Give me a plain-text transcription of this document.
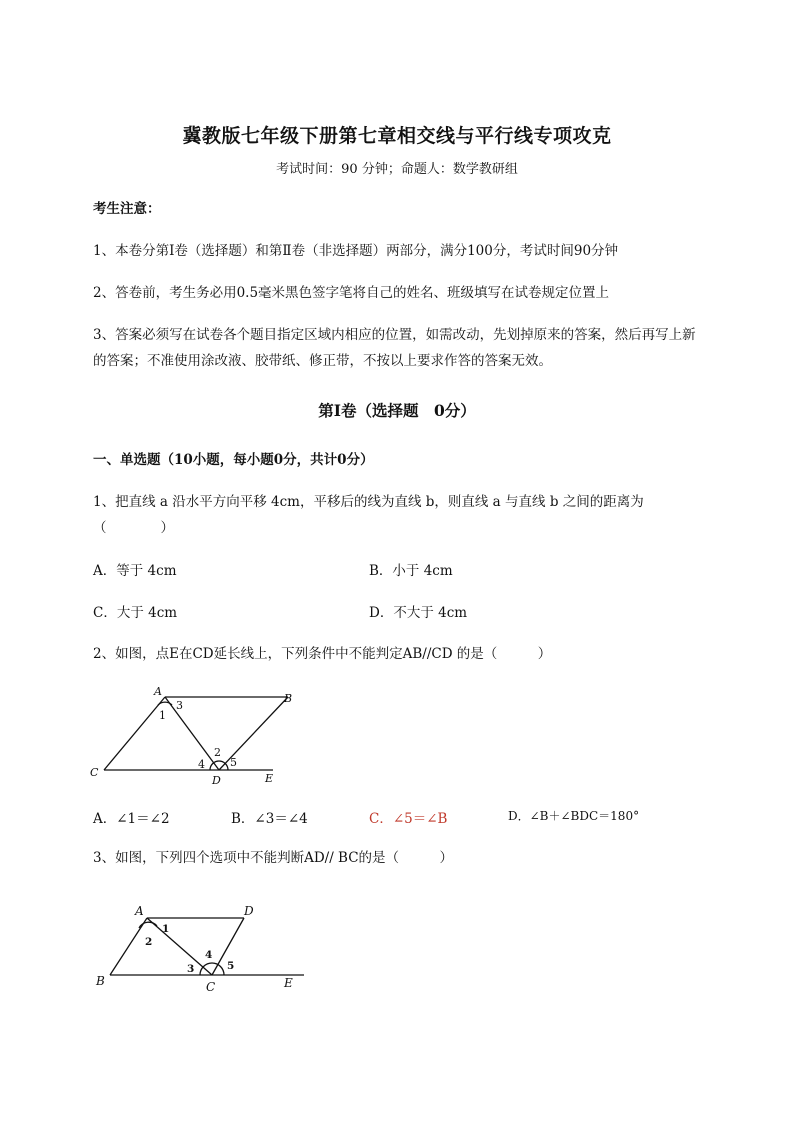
冀教版七年级下册第七章相交线与平行线专项攻克
考试时间：90 分钟；命题人：数学教研组
考生注意：
1、本卷分第Ⅰ卷（选择题）和第Ⅱ卷（非选择题）两部分，满分100分，考试时间90分钟
2、答卷前，考生务必用0.5毫米黑色签字笔将自己的姓名、班级填写在试卷规定位置上
3、答案必须写在试卷各个题目指定区域内相应的位置，如需改动，先划掉原来的答案，然后再写上新
的答案；不准使用涂改液、胶带纸、修正带，不按以上要求作答的答案无效。
第Ⅰ卷（选择题　0分）
一、单选题（10小题，每小题0分，共计0分）
1、把直线 a 沿水平方向平移 4cm，平移后的线为直线 b，则直线 a 与直线 b 之间的距离为
（　　　　）
A．等于 4cm	B．小于 4cm
C．大于 4cm	D．不大于 4cm
2、如图，点E在CD延长线上，下列条件中不能判定AB//CD 的是（　　　）
A
B
C
D	E
1
2
3
4 5
A．∠1＝∠2	B．∠3＝∠4	C．∠5＝∠B	D．∠B＋∠BDC＝180°
3、如图，下列四个选项中不能判断AD// BC的是（　　　）
A	D
B	C	E
1
2
3
4
5
